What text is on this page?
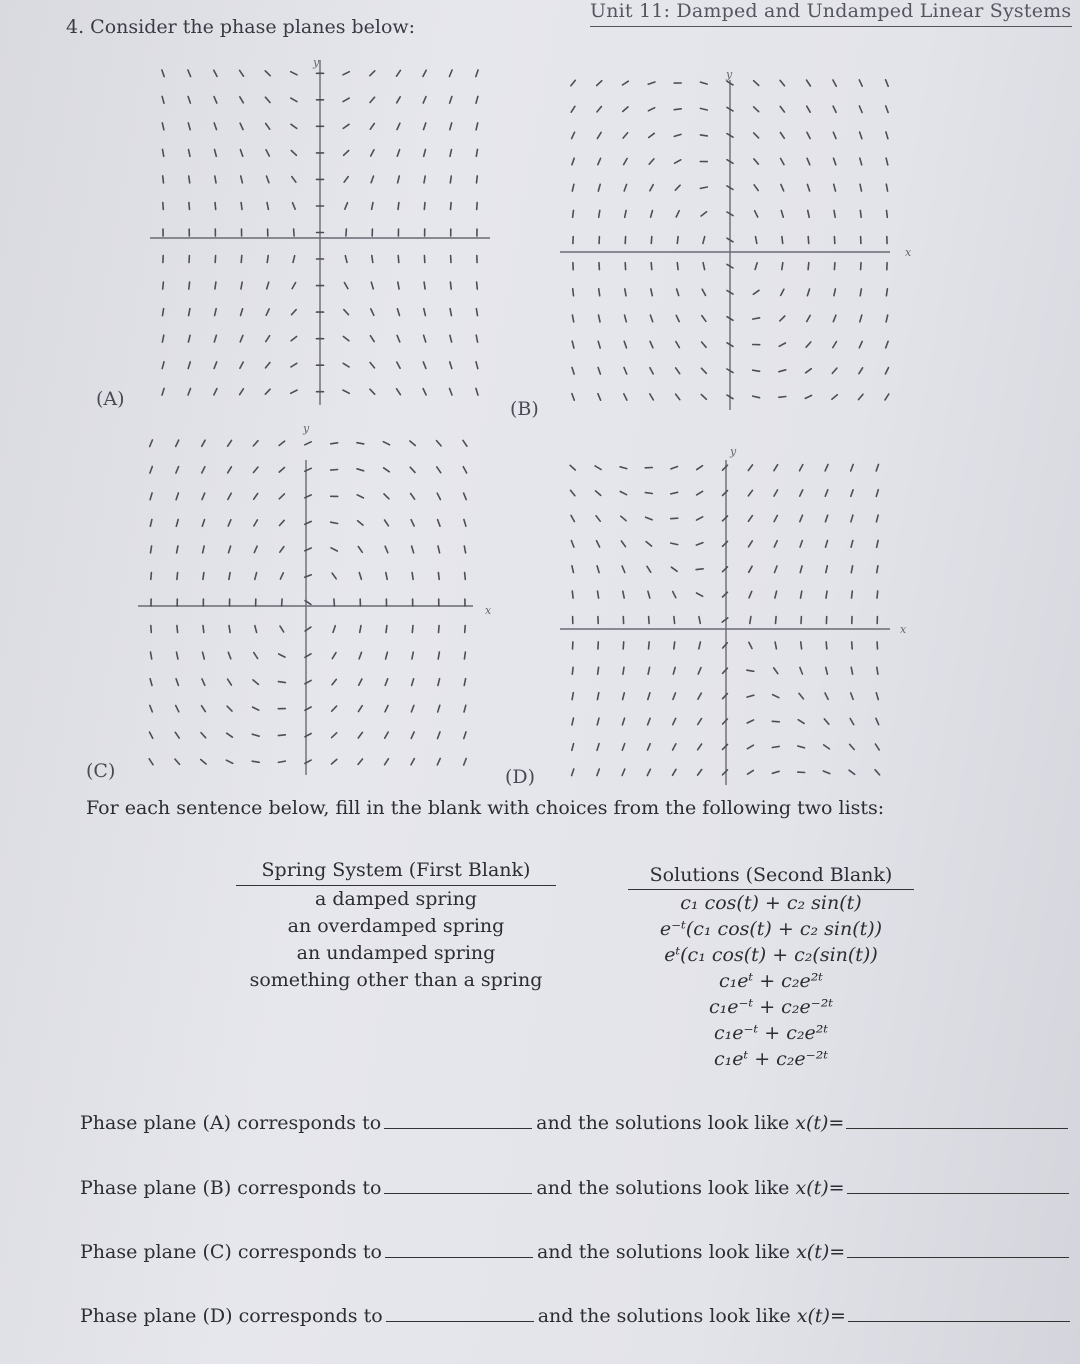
Unit 11: Damped and Undamped Linear Systems
4. Consider the phase planes below:
y
(A)
y
x
(B)
y
x
(C)
y
x
(D)
For each sentence below, fill in the blank with choices from the following two lists:
Spring System (First Blank)
a damped spring
an overdamped spring
an undamped spring
something other than a spring
Solutions (Second Blank)
c₁ cos(t) + c₂ sin(t)
e⁻ᵗ(c₁ cos(t) + c₂ sin(t))
eᵗ(c₁ cos(t) + c₂(sin(t))
c₁eᵗ + c₂e²ᵗ
c₁e⁻ᵗ + c₂e⁻²ᵗ
c₁e⁻ᵗ + c₂e²ᵗ
c₁eᵗ + c₂e⁻²ᵗ
Phase plane (A) corresponds to	and the solutions look like
x(t)=
Phase plane (B) corresponds to	and the solutions look like
x(t)=
Phase plane (C) corresponds to	and the solutions look like
x(t)=
Phase plane (D) corresponds to	and the solutions look like
x(t)=
